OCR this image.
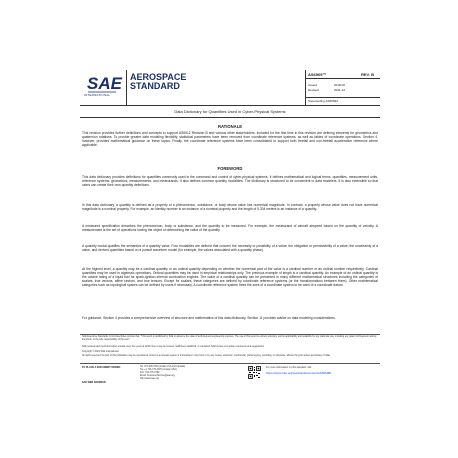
SAE
INTERNATIONAL
AEROSPACE
STANDARD
AS6969™	REV. B
Issued	2018-06
Revised	2021-12
Superseding AS6969A
Data Dictionary for Quantities Used in Cyber-Physical Systems
RATIONALE
This revision provides further definitions and concepts to support AS6512 Revision B and various other stakeholders. Included for the first time in this revision are defining elements for geometrics and quaternion rotations. To provide greater data modeling flexibility, statistical parameters have been removed from coordinate reference systems, as well as tables of coordinate operations. Section 4, however, provides mathematical guidance on these topics. Finally, the coordinate reference systems have been consolidated to support both freefall and non-freefall acceleration reference where applicable.
FOREWORD
This data dictionary provides definitions for quantities commonly used in the command and control of cyber-physical systems. It defines mathematical and logical terms, quantities, measurement units, reference systems, geometrics, measurements, and measurands. It also defines common quantity modalities. The dictionary is structured to be convenient to data modelers. It is also extensible so that users can create their own quantity definitions.
In this data dictionary, a quantity is defined as a property of a phenomenon, substance, or body whose value has numerical magnitude. In contrast, a property whose value does not have numerical magnitude is a nominal property. For example, an identity number is an instance of a nominal property and the length of 5.304 meters is an instance of a quantity.
A measured specification describes the phenomenon, body or substance, and the quantity to be measured. For example, the measurand of aircraft airspeed based on the quantity of velocity. A measurement is the set of operations having the object of determining the value of the quantity.
A quantity modal qualifies the semantics of a quantity value. Four modalities are defined that concern the necessity or possibility of a value; the obligation or permissibility of a value; the uncertainty of a value, and derived quantities based on a pursuit waveform model (for example, the values associated with a quantity phase).
At the highest level, a quantity may be a cardinal quantity or an ordinal quantity depending on whether the numerical part of the value is a cardinal number or an ordinal number respectively. Cardinal quantities may be used in algebraic operations. Ordinal quantities may be used in empirical relationships only. The previous example of length is a cardinal quantity. An example of an ordinal quantity is the octane rating of a liquid fuel for spark-ignition internal combustion engines. The value of a cardinal quantity can be presented in many different mathematical structures including the categories of scalars, true vectors, affine vectors, and true tensors. Except for scalars, these categories are defined by coordinate reference systems (or the transformations between them). Other mathematical categories such as topological spaces can be defined by users if necessary. A coordinate reference system frees the axes of a coordinate system to be axes of a coordinate datum.
For guidance, Section 4 provides a comprehensive overview of structure and mathematics of this data dictionary. Section 11 provides advice on data modeling considerations.
SAE Executive Standards Committee Rules provide that: "This report is published by SAE to advance the state of technical and engineering sciences. The use of this report is entirely voluntary, and its applicability and suitability for any particular use, including any patent infringement arising therefrom, is the sole responsibility of the user."
SAE reviews each technical report at least every five years at which time it may be revised, reaffirmed, stabilized, or cancelled. SAE invites your written comments and suggestions.
Copyright © 2021 SAE International
All rights reserved. No part of this publication may be reproduced, stored in a retrieval system or transmitted, in any form or by any means, electronic, mechanical, photocopying, recording, or otherwise, without the prior written permission of SAE.
TO PLACE A DOCUMENT ORDER:	Tel: 877-606-7323 (inside USA and Canada)
Tel: +1 724-776-4970 (outside USA)
Fax: 724-776-0790
Email: CustomerService@sae.org
SAE WEB ADDRESS:
http://www.sae.org
For more information on this standard, visit
https://www.sae.org/standards/content/AS6969B/
